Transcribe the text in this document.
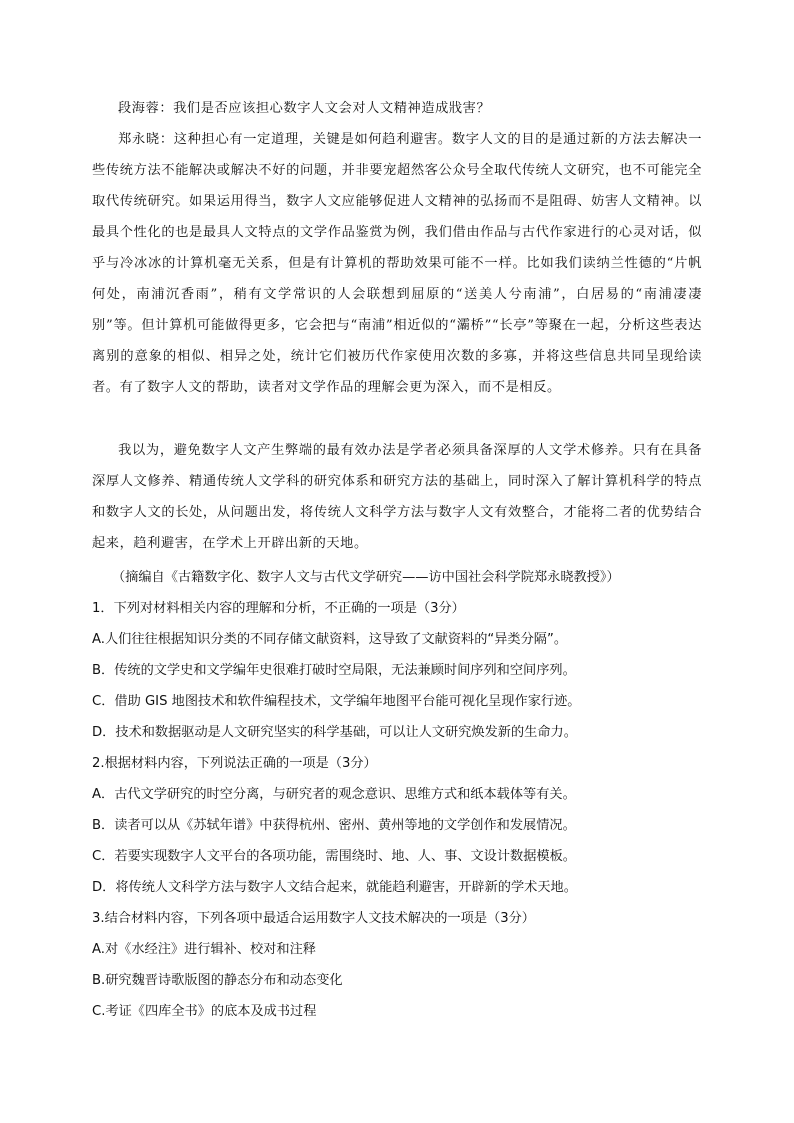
段海蓉：我们是否应该担心数字人文会对人文精神造成戕害？

郑永晓：这种担心有一定道理，关键是如何趋利避害。数字人文的目的是通过新的方法去解决一些传统方法不能解决或解决不好的问题，并非要宠超然客公众号全取代传统人文研究，也不可能完全取代传统研究。如果运用得当，数字人文应能够促进人文精神的弘扬而不是阻碍、妨害人文精神。以最具个性化的也是最具人文特点的文学作品鉴赏为例，我们借由作品与古代作家进行的心灵对话，似乎与冷冰冰的计算机毫无关系，但是有计算机的帮助效果可能不一样。比如我们读纳兰性德的“片帆何处，南浦沉香雨”，稍有文学常识的人会联想到屈原的“送美人兮南浦”，白居易的“南浦凄凄别”等。但计算机可能做得更多，它会把与“南浦”相近似的“灞桥”“长亭”等聚在一起，分析这些表达离别的意象的相似、相异之处，统计它们被历代作家使用次数的多寡，并将这些信息共同呈现给读者。有了数字人文的帮助，读者对文学作品的理解会更为深入，而不是相反。

我以为，避免数字人文产生弊端的最有效办法是学者必须具备深厚的人文学术修养。只有在具备深厚人文修养、精通传统人文学科的研究体系和研究方法的基础上，同时深入了解计算机科学的特点和数字人文的长处，从问题出发，将传统人文科学方法与数字人文有效整合，才能将二者的优势结合起来，趋利避害，在学术上开辟出新的天地。

（摘编自《古籍数字化、数字人文与古代文学研究——访中国社会科学院郑永晓教授》）

1．下列对材料相关内容的理解和分析，不正确的一项是（3分）

A.人们往往根据知识分类的不同存储文献资料，这导致了文献资料的“异类分隔”。

B．传统的文学史和文学编年史很难打破时空局限，无法兼顾时间序列和空间序列。

C．借助 GIS 地图技术和软件编程技术，文学编年地图平台能可视化呈现作家行迹。

D．技术和数据驱动是人文研究坚实的科学基础，可以让人文研究焕发新的生命力。

2.根据材料内容，下列说法正确的一项是（3分）

A．古代文学研究的时空分离，与研究者的观念意识、思维方式和纸本载体等有关。

B．读者可以从《苏轼年谱》中获得杭州、密州、黄州等地的文学创作和发展情况。

C．若要实现数字人文平台的各项功能，需围绕时、地、人、事、文设计数据模板。

D．将传统人文科学方法与数字人文结合起来，就能趋利避害，开辟新的学术天地。

3.结合材料内容，下列各项中最适合运用数字人文技术解决的一项是（3分）

A.对《水经注》进行辑补、校对和注释

B.研究魏晋诗歌版图的静态分布和动态变化

C.考证《四库全书》的底本及成书过程
